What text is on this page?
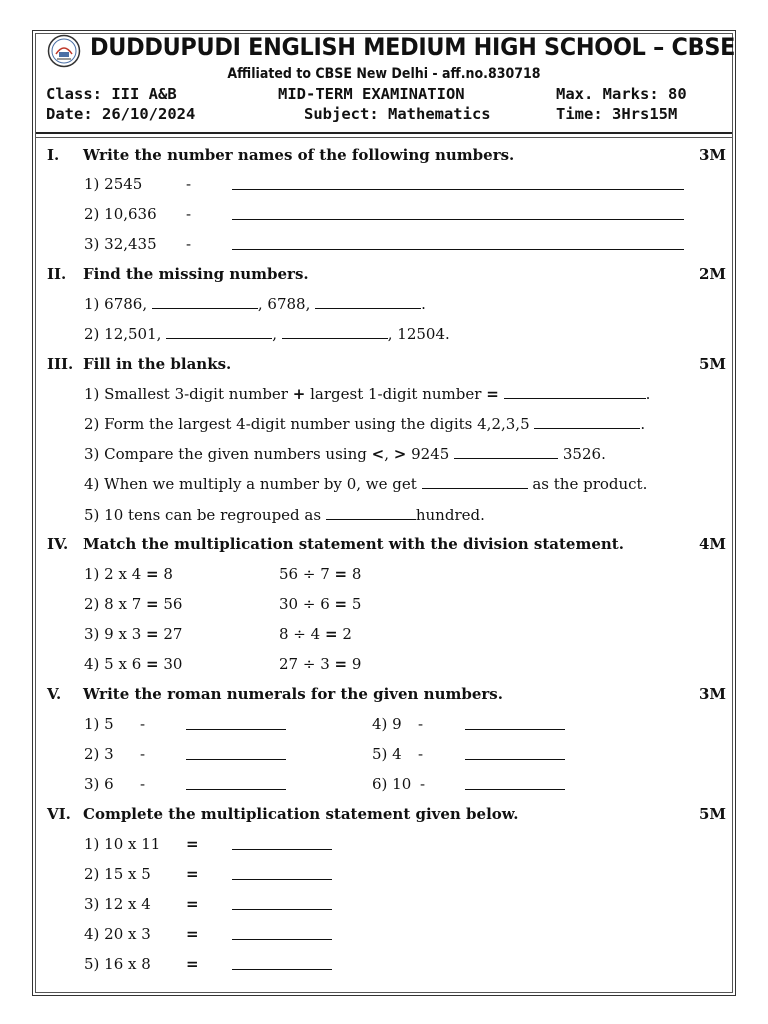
DUDDUPUDI ENGLISH MEDIUM HIGH SCHOOL – CBSE
Affiliated to CBSE New Delhi - aff.no.830718
Class: III A&B	MID-TERM EXAMINATION	Max. Marks: 80
Date: 26/10/2024	Subject: Mathematics	Time: 3Hrs15M
I. Write the number names of the following numbers.	3M
1) 2545	-
2) 10,636 -
3) 32,435 -
II. Find the missing numbers.	2M
1) 6786,	, 6788,	.
2) 12,501,	,	, 12504.
III. Fill in the blanks.	5M
1) Smallest 3-digit number + largest 1-digit number =	.
2) Form the largest 4-digit number using the digits 4,2,3,5	.
3) Compare the given numbers using <, > 9245	3526.
4) When we multiply a number by 0, we get	as the product.
5) 10 tens can be regrouped as	hundred.
IV. Match the multiplication statement with the division statement.	4M
1) 2 x 4 = 8	56 ÷ 7 = 8
2) 8 x 7 = 56	30 ÷ 6 = 5
3) 9 x 3 = 27	8 ÷ 4 = 2
4) 5 x 6 = 30	27 ÷ 3 = 9
V. Write the roman numerals for the given numbers.	3M
1) 5 -	4) 9 -
2) 3 -	5) 4 -
3) 6 -	6) 10 -
VI. Complete the multiplication statement given below.	5M
1) 10 x 11 =
2) 15 x 5 =
3) 12 x 4 =
4) 20 x 3 =
5) 16 x 8 =
